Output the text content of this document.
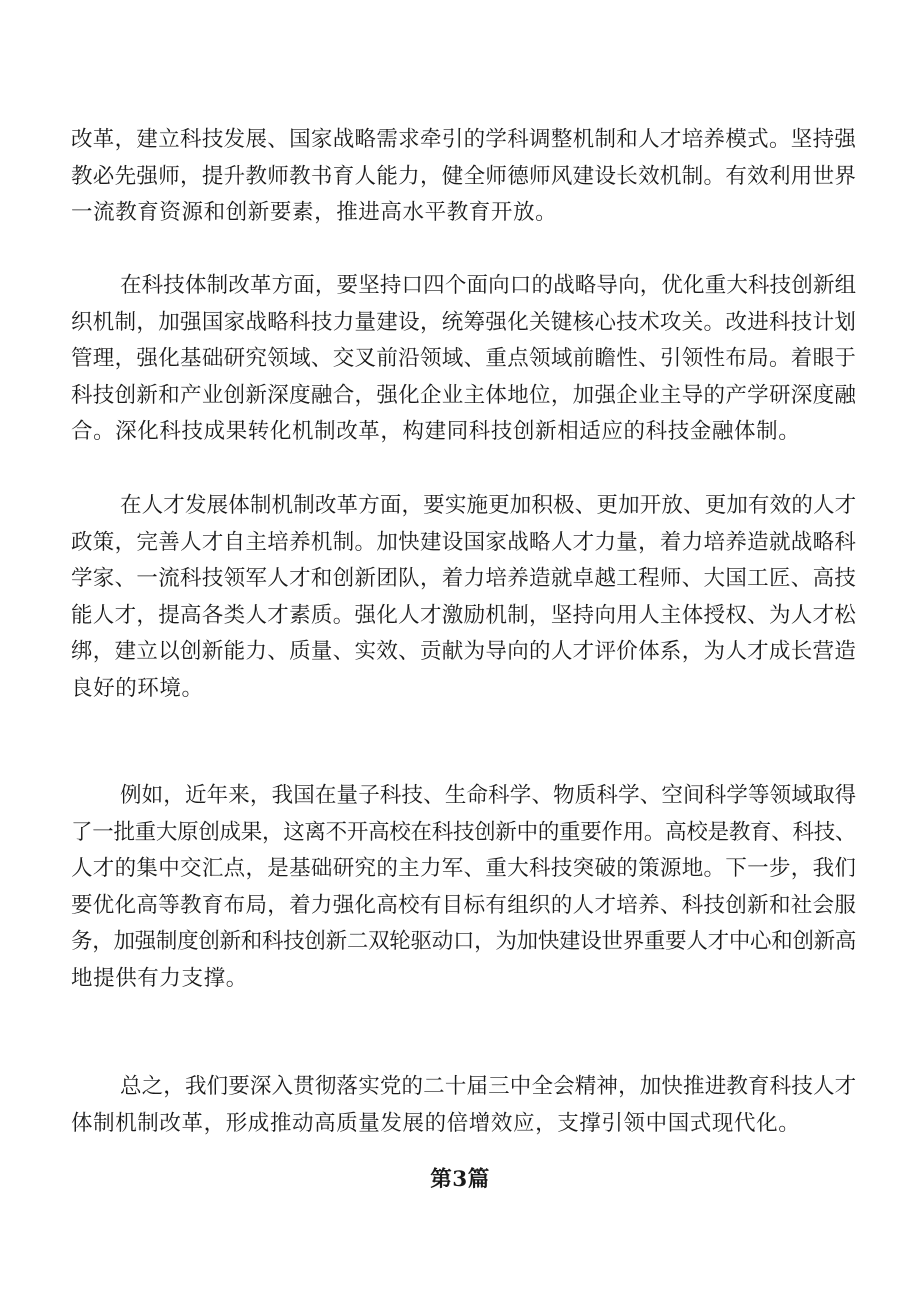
改革，建立科技发展、国家战略需求牵引的学科调整机制和人才培养模式。坚持强
教必先强师，提升教师教书育人能力，健全师德师风建设长效机制。有效利用世界
一流教育资源和创新要素，推进高水平教育开放。

在科技体制改革方面，要坚持口四个面向口的战略导向，优化重大科技创新组
织机制，加强国家战略科技力量建设，统筹强化关键核心技术攻关。改进科技计划
管理，强化基础研究领域、交叉前沿领域、重点领域前瞻性、引领性布局。着眼于
科技创新和产业创新深度融合，强化企业主体地位，加强企业主导的产学研深度融
合。深化科技成果转化机制改革，构建同科技创新相适应的科技金融体制。

在人才发展体制机制改革方面，要实施更加积极、更加开放、更加有效的人才
政策，完善人才自主培养机制。加快建设国家战略人才力量，着力培养造就战略科
学家、一流科技领军人才和创新团队，着力培养造就卓越工程师、大国工匠、高技
能人才，提高各类人才素质。强化人才激励机制，坚持向用人主体授权、为人才松
绑，建立以创新能力、质量、实效、贡献为导向的人才评价体系，为人才成长营造
良好的环境。

例如，近年来，我国在量子科技、生命科学、物质科学、空间科学等领域取得
了一批重大原创成果，这离不开高校在科技创新中的重要作用。高校是教育、科技、
人才的集中交汇点，是基础研究的主力军、重大科技突破的策源地。下一步，我们
要优化高等教育布局，着力强化高校有目标有组织的人才培养、科技创新和社会服
务，加强制度创新和科技创新二双轮驱动口，为加快建设世界重要人才中心和创新高
地提供有力支撑。

总之，我们要深入贯彻落实党的二十届三中全会精神，加快推进教育科技人才
体制机制改革，形成推动高质量发展的倍增效应，支撑引领中国式现代化。

第3篇
